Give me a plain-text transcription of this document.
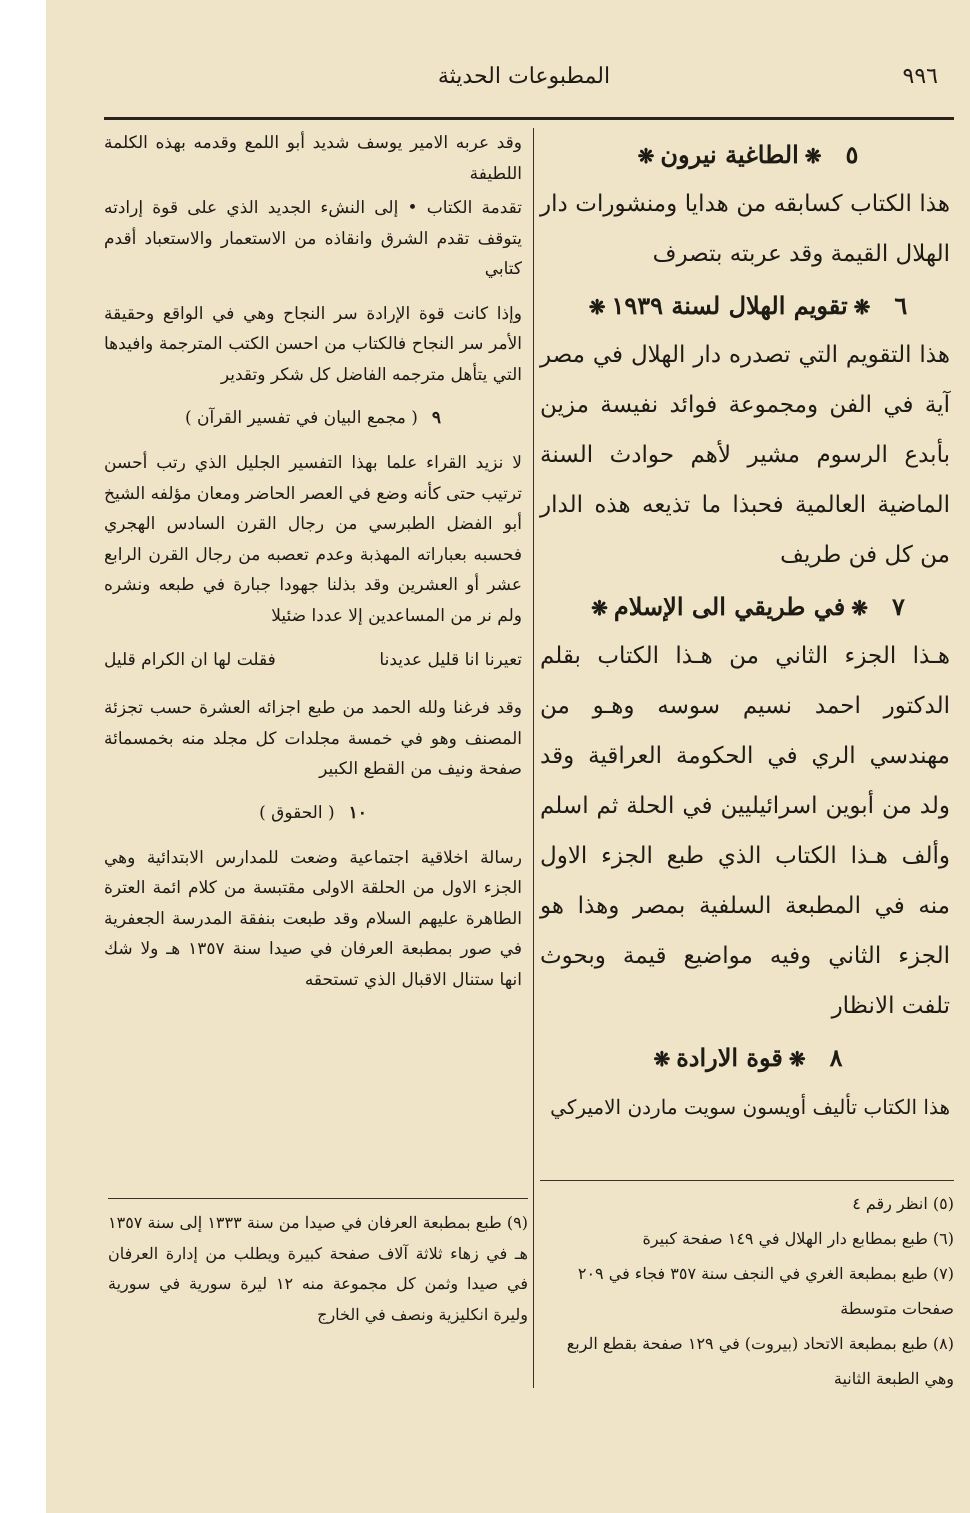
المطبوعات الحديثة	٩٩٦
٥❋الطاغية نيرون❋

هذا الكتاب كسابقه من هدايا ومنشورات دار الهلال القيمة وقد عربته بتصرف

٦❋تقويم الهلال لسنة ١٩٣٩❋

هذا التقويم التي تصدره دار الهلال في مصر آية في الفن ومجموعة فوائد نفيسة مزين بأبدع الرسوم مشير لأهم حوادث السنة الماضية العالمية فحبذا ما تذيعه هذه الدار من كل فن طريف

٧❋في طريقي الى الإسلام❋

هـذا الجزء الثاني من هـذا الكتاب بقلم الدكتور احمد نسيم سوسه وهـو من مهندسي الري في الحكومة العراقية وقد ولد من أبوين اسرائيليين في الحلة ثم اسلم وألف هـذا الكتاب الذي طبع الجزء الاول منه في المطبعة السلفية بمصر وهذا هو الجزء الثاني وفيه مواضيع قيمة وبحوث تلفت الانظار

٨❋قوة الارادة❋

هذا الكتاب تأليف أويسون سويت ماردن الاميركي

وقد عربه الامير يوسف شديد أبو اللمع وقدمه بهذه الكلمة اللطيفة

تقدمة الكتاب • إلى النشء الجديد الذي على قوة إرادته يتوقف تقدم الشرق وانقاذه من الاستعمار والاستعباد أقدم كتابي

وإذا كانت قوة الإرادة سر النجاح وهي في الواقع وحقيقة الأمر سر النجاح فالكتاب من احسن الكتب المترجمة وافيدها التي يتأهل مترجمه الفاضل كل شكر وتقدير

٩( مجمع البيان في تفسير القرآن )

لا نزيد القراء علما بهذا التفسير الجليل الذي رتب أحسن ترتيب حتى كأنه وضع في العصر الحاضر ومعان مؤلفه الشيخ أبو الفضل الطبرسي من رجال القرن السادس الهجري فحسبه بعباراته المهذبة وعدم تعصبه من رجال القرن الرابع عشر أو العشرين وقد بذلنا جهودا جبارة في طبعه ونشره ولم نر من المساعدين إلا عددا ضئيلا

تعيرنا انا قليل عديدنا
فقلت لها ان الكرام قليل

وقد فرغنا ولله الحمد من طبع اجزائه العشرة حسب تجزئة المصنف وهو في خمسة مجلدات كل مجلد منه بخمسمائة صفحة ونيف من القطع الكبير

١٠( الحقوق )

رسالة اخلاقية اجتماعية وضعت للمدارس الابتدائية وهي الجزء الاول من الحلقة الاولى مقتبسة من كلام ائمة العترة الطاهرة عليهم السلام وقد طبعت بنفقة المدرسة الجعفرية في صور بمطبعة العرفان في صيدا سنة ١٣٥٧ هـ ولا شك انها ستنال الاقبال الذي تستحقه

(٥) انظر رقم ٤

(٦) طبع بمطابع دار الهلال في ١٤٩ صفحة كبيرة

(٧) طبع بمطبعة الغري في النجف سنة ٣٥٧ فجاء في ٢٠٩ صفحات متوسطة

(٨) طبع بمطبعة الاتحاد (بيروت) في ١٢٩ صفحة بقطع الربع وهي الطبعة الثانية

(٩) طبع بمطبعة العرفان في صيدا من سنة ١٣٣٣ إلى سنة ١٣٥٧ هـ في زهاء ثلاثة آلاف صفحة كبيرة ويطلب من إدارة العرفان في صيدا وثمن كل مجموعة منه ١٢ ليرة سورية في سورية وليرة انكليزية ونصف في الخارج
